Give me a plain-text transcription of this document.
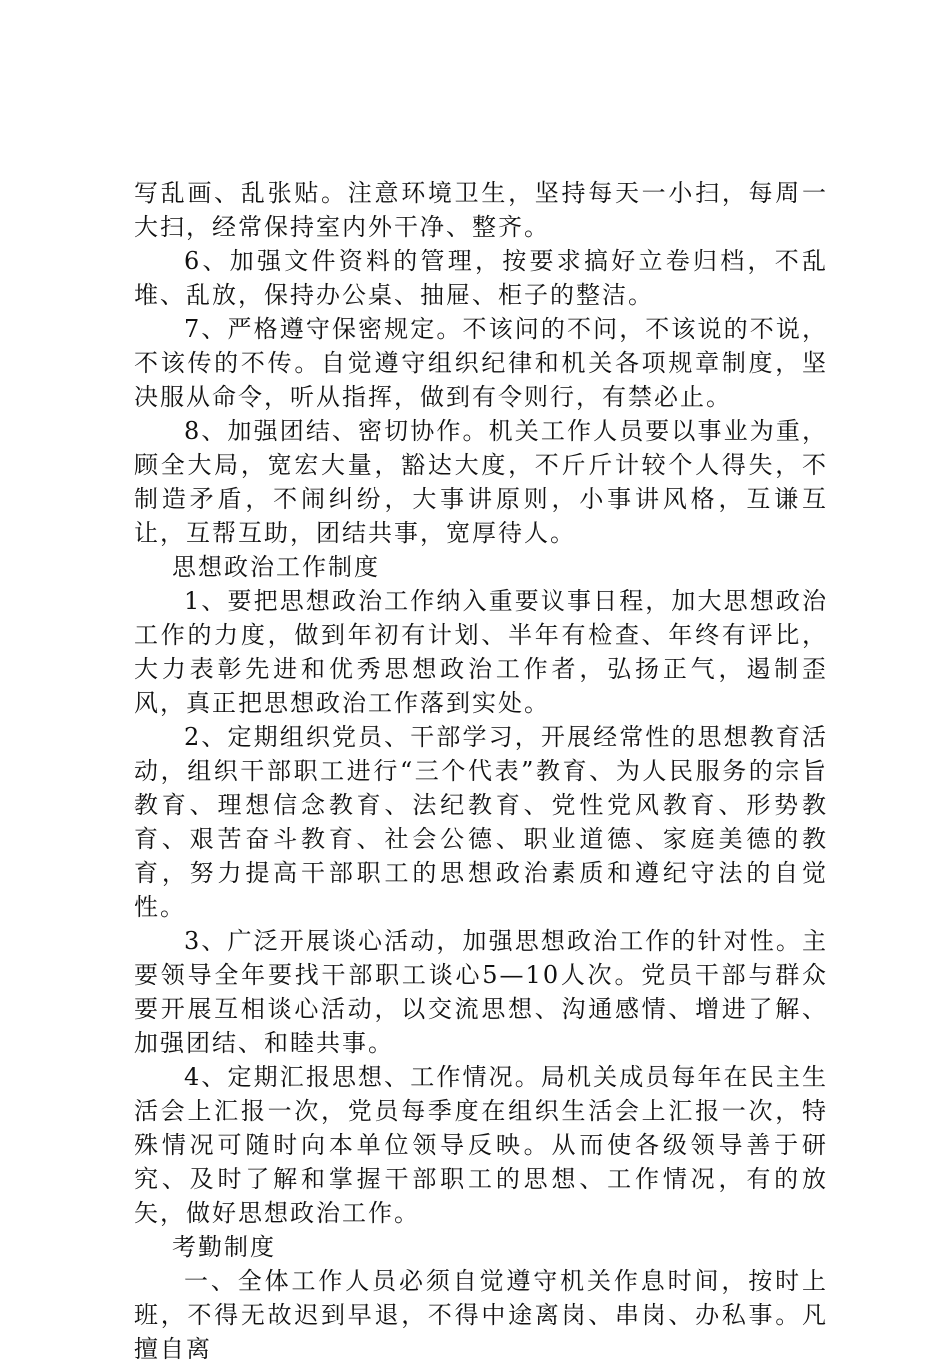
写乱画、乱张贴。注意环境卫生，坚持每天一小扫，每周一大扫，经常保持室内外干净、整齐。

6、加强文件资料的管理，按要求搞好立卷归档，不乱堆、乱放，保持办公桌、抽屉、柜子的整洁。

7、严格遵守保密规定。不该问的不问，不该说的不说，不该传的不传。自觉遵守组织纪律和机关各项规章制度，坚决服从命令，听从指挥，做到有令则行，有禁必止。

8、加强团结、密切协作。机关工作人员要以事业为重，顾全大局，宽宏大量，豁达大度，不斤斤计较个人得失，不制造矛盾，不闹纠纷，大事讲原则，小事讲风格，互谦互让，互帮互助，团结共事，宽厚待人。

思想政治工作制度

1、要把思想政治工作纳入重要议事日程，加大思想政治工作的力度，做到年初有计划、半年有检查、年终有评比，大力表彰先进和优秀思想政治工作者，弘扬正气，遏制歪风，真正把思想政治工作落到实处。

2、定期组织党员、干部学习，开展经常性的思想教育活动，组织干部职工进行“三个代表”教育、为人民服务的宗旨教育、理想信念教育、法纪教育、党性党风教育、形势教育、艰苦奋斗教育、社会公德、职业道德、家庭美德的教育，努力提高干部职工的思想政治素质和遵纪守法的自觉性。

3、广泛开展谈心活动，加强思想政治工作的针对性。主要领导全年要找干部职工谈心5—10人次。党员干部与群众要开展互相谈心活动，以交流思想、沟通感情、增进了解、加强团结、和睦共事。

4、定期汇报思想、工作情况。局机关成员每年在民主生活会上汇报一次，党员每季度在组织生活会上汇报一次，特殊情况可随时向本单位领导反映。从而使各级领导善于研究、及时了解和掌握干部职工的思想、工作情况，有的放矢，做好思想政治工作。

考勤制度

一、全体工作人员必须自觉遵守机关作息时间，按时上班，不得无故迟到早退，不得中途离岗、串岗、办私事。凡擅自离
